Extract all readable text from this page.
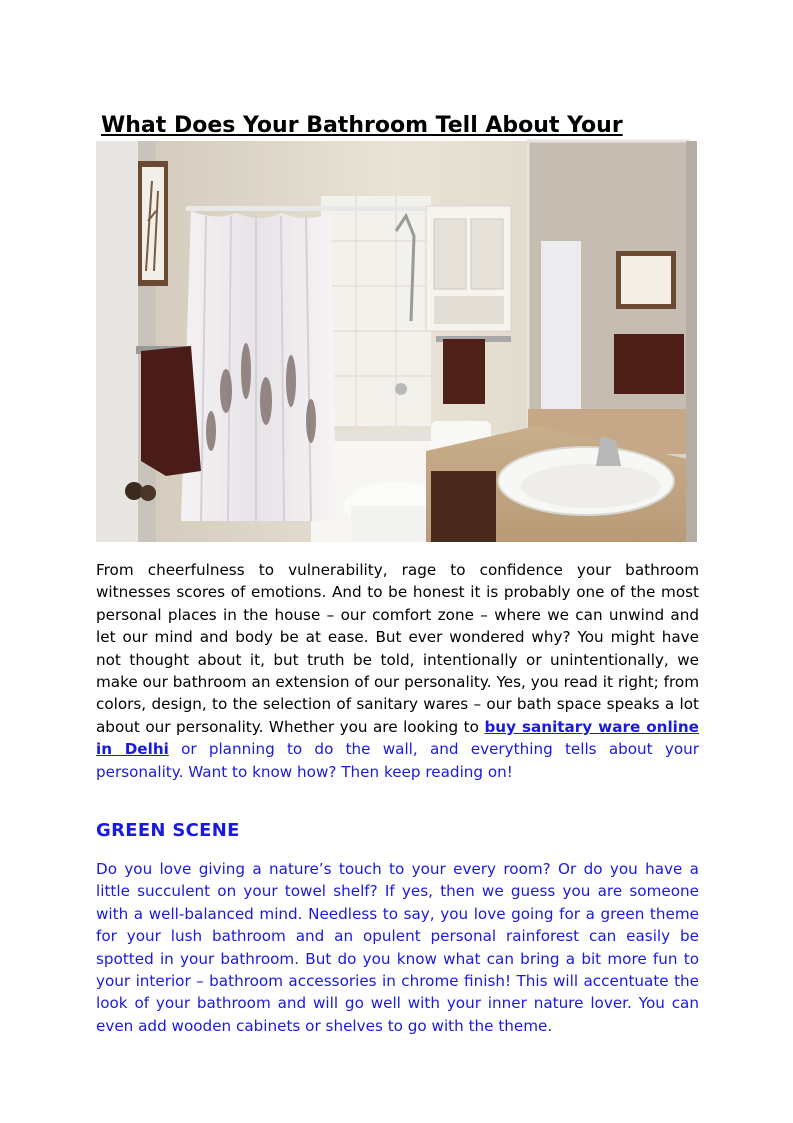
What Does Your Bathroom Tell About Your

From cheerfulness to vulnerability, rage to confidence your bathroom witnesses scores of emotions. And to be honest it is probably one of the most personal places in the house – our comfort zone – where we can unwind and let our mind and body be at ease. But ever wondered why? You might have not thought about it, but truth be told, intentionally or unintentionally, we make our bathroom an extension of our personality. Yes, you read it right; from colors, design, to the selection of sanitary wares – our bath space speaks a lot about our personality. Whether you are looking to buy sanitary ware online in Delhi or planning to do the wall, and everything tells about your personality. Want to know how? Then keep reading on!

GREEN SCENE

Do you love giving a nature’s touch to your every room? Or do you have a little succulent on your towel shelf? If yes, then we guess you are someone with a well-balanced mind. Needless to say, you love going for a green theme for your lush bathroom and an opulent personal rainforest can easily be spotted in your bathroom. But do you know what can bring a bit more fun to your interior – bathroom accessories in chrome finish! This will accentuate the look of your bathroom and will go well with your inner nature lover. You can even add wooden cabinets or shelves to go with the theme.
